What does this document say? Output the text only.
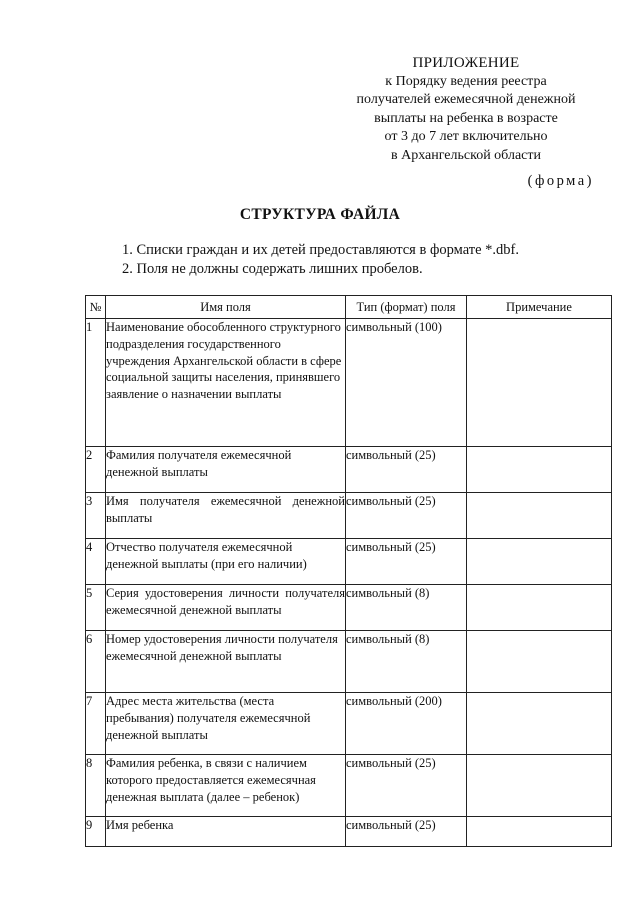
ПРИЛОЖЕНИЕ
к Порядку ведения реестра
получателей ежемесячной денежной
выплаты на ребенка в возрасте
от 3 до 7 лет включительно
в Архангельской области
(форма)
СТРУКТУРА ФАЙЛА
1. Списки граждан и их детей предоставляются в формате *.dbf.
2. Поля не должны содержать лишних пробелов.
№	Имя поля	Тип (формат) поля	Примечание
1	Наименование обособленного структурного подразделения государственного учреждения Архангельской области в сфере социальной защиты населения, принявшего заявление о назначении выплаты	символьный (100)	
2	Фамилия получателя ежемесячной денежной выплаты	символьный (25)	
3	Имя получателя ежемесячной денежной выплаты	символьный (25)	
4	Отчество получателя ежемесячной денежной выплаты (при его наличии)	символьный (25)	
5	Серия удостоверения личности получателя ежемесячной денежной выплаты	символьный (8)	
6	Номер удостоверения личности получателя ежемесячной денежной выплаты	символьный (8)	
7	Адрес места жительства (места пребывания) получателя ежемесячной денежной выплаты	символьный (200)	
8	Фамилия ребенка, в связи с наличием которого предоставляется ежемесячная денежная выплата (далее – ребенок)	символьный (25)	
9	Имя ребенка	символьный (25)	
